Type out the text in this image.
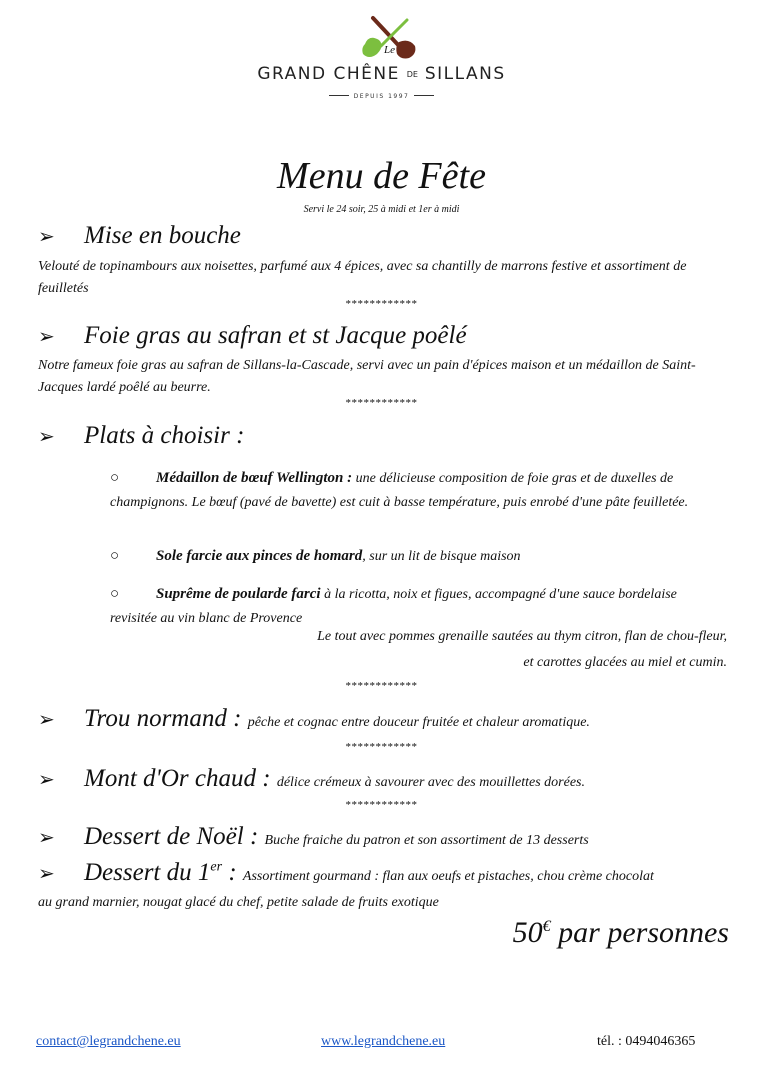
Le
GRAND CHÊNE DE SILLANS
DEPUIS 1997
Menu de Fête
Servi le 24 soir, 25 à midi et 1er à midi
➢ Mise en bouche
Velouté de topinambours aux noisettes, parfumé aux 4 épices, avec sa chantilly de marrons festive et assortiment de feuilletés
************
➢ Foie gras au safran et st Jacque poêlé
Notre fameux foie gras au safran de Sillans-la-Cascade, servi avec un pain d'épices maison et un médaillon de Saint-Jacques lardé poêlé au beurre.
************
➢ Plats à choisir :
○ Médaillon de bœuf Wellington : une délicieuse composition de foie gras et de duxelles de champignons. Le bœuf (pavé de bavette) est cuit à basse température, puis enrobé d'une pâte feuilletée.
○ Sole farcie aux pinces de homard, sur un lit de bisque maison
○ Suprême de poularde farci à la ricotta, noix et figues, accompagné d'une sauce bordelaise revisitée au vin blanc de Provence
Le tout avec pommes grenaille sautées au thym citron, flan de chou-fleur,
et carottes glacées au miel et cumin.
************
➢ Trou normand : pêche et cognac entre douceur fruitée et chaleur aromatique.
************
➢ Mont d'Or chaud : délice crémeux à savourer avec des mouillettes dorées.
************
➢ Dessert de Noël : Buche fraiche du patron et son assortiment de 13 desserts
➢ Dessert du 1er : Assortiment gourmand : flan aux oeufs et pistaches, chou crème chocolat
au grand marnier, nougat glacé du chef, petite salade de fruits exotique
50€ par personnes
contact@legrandchene.eu	www.legrandchene.eu	tél. : 0494046365
